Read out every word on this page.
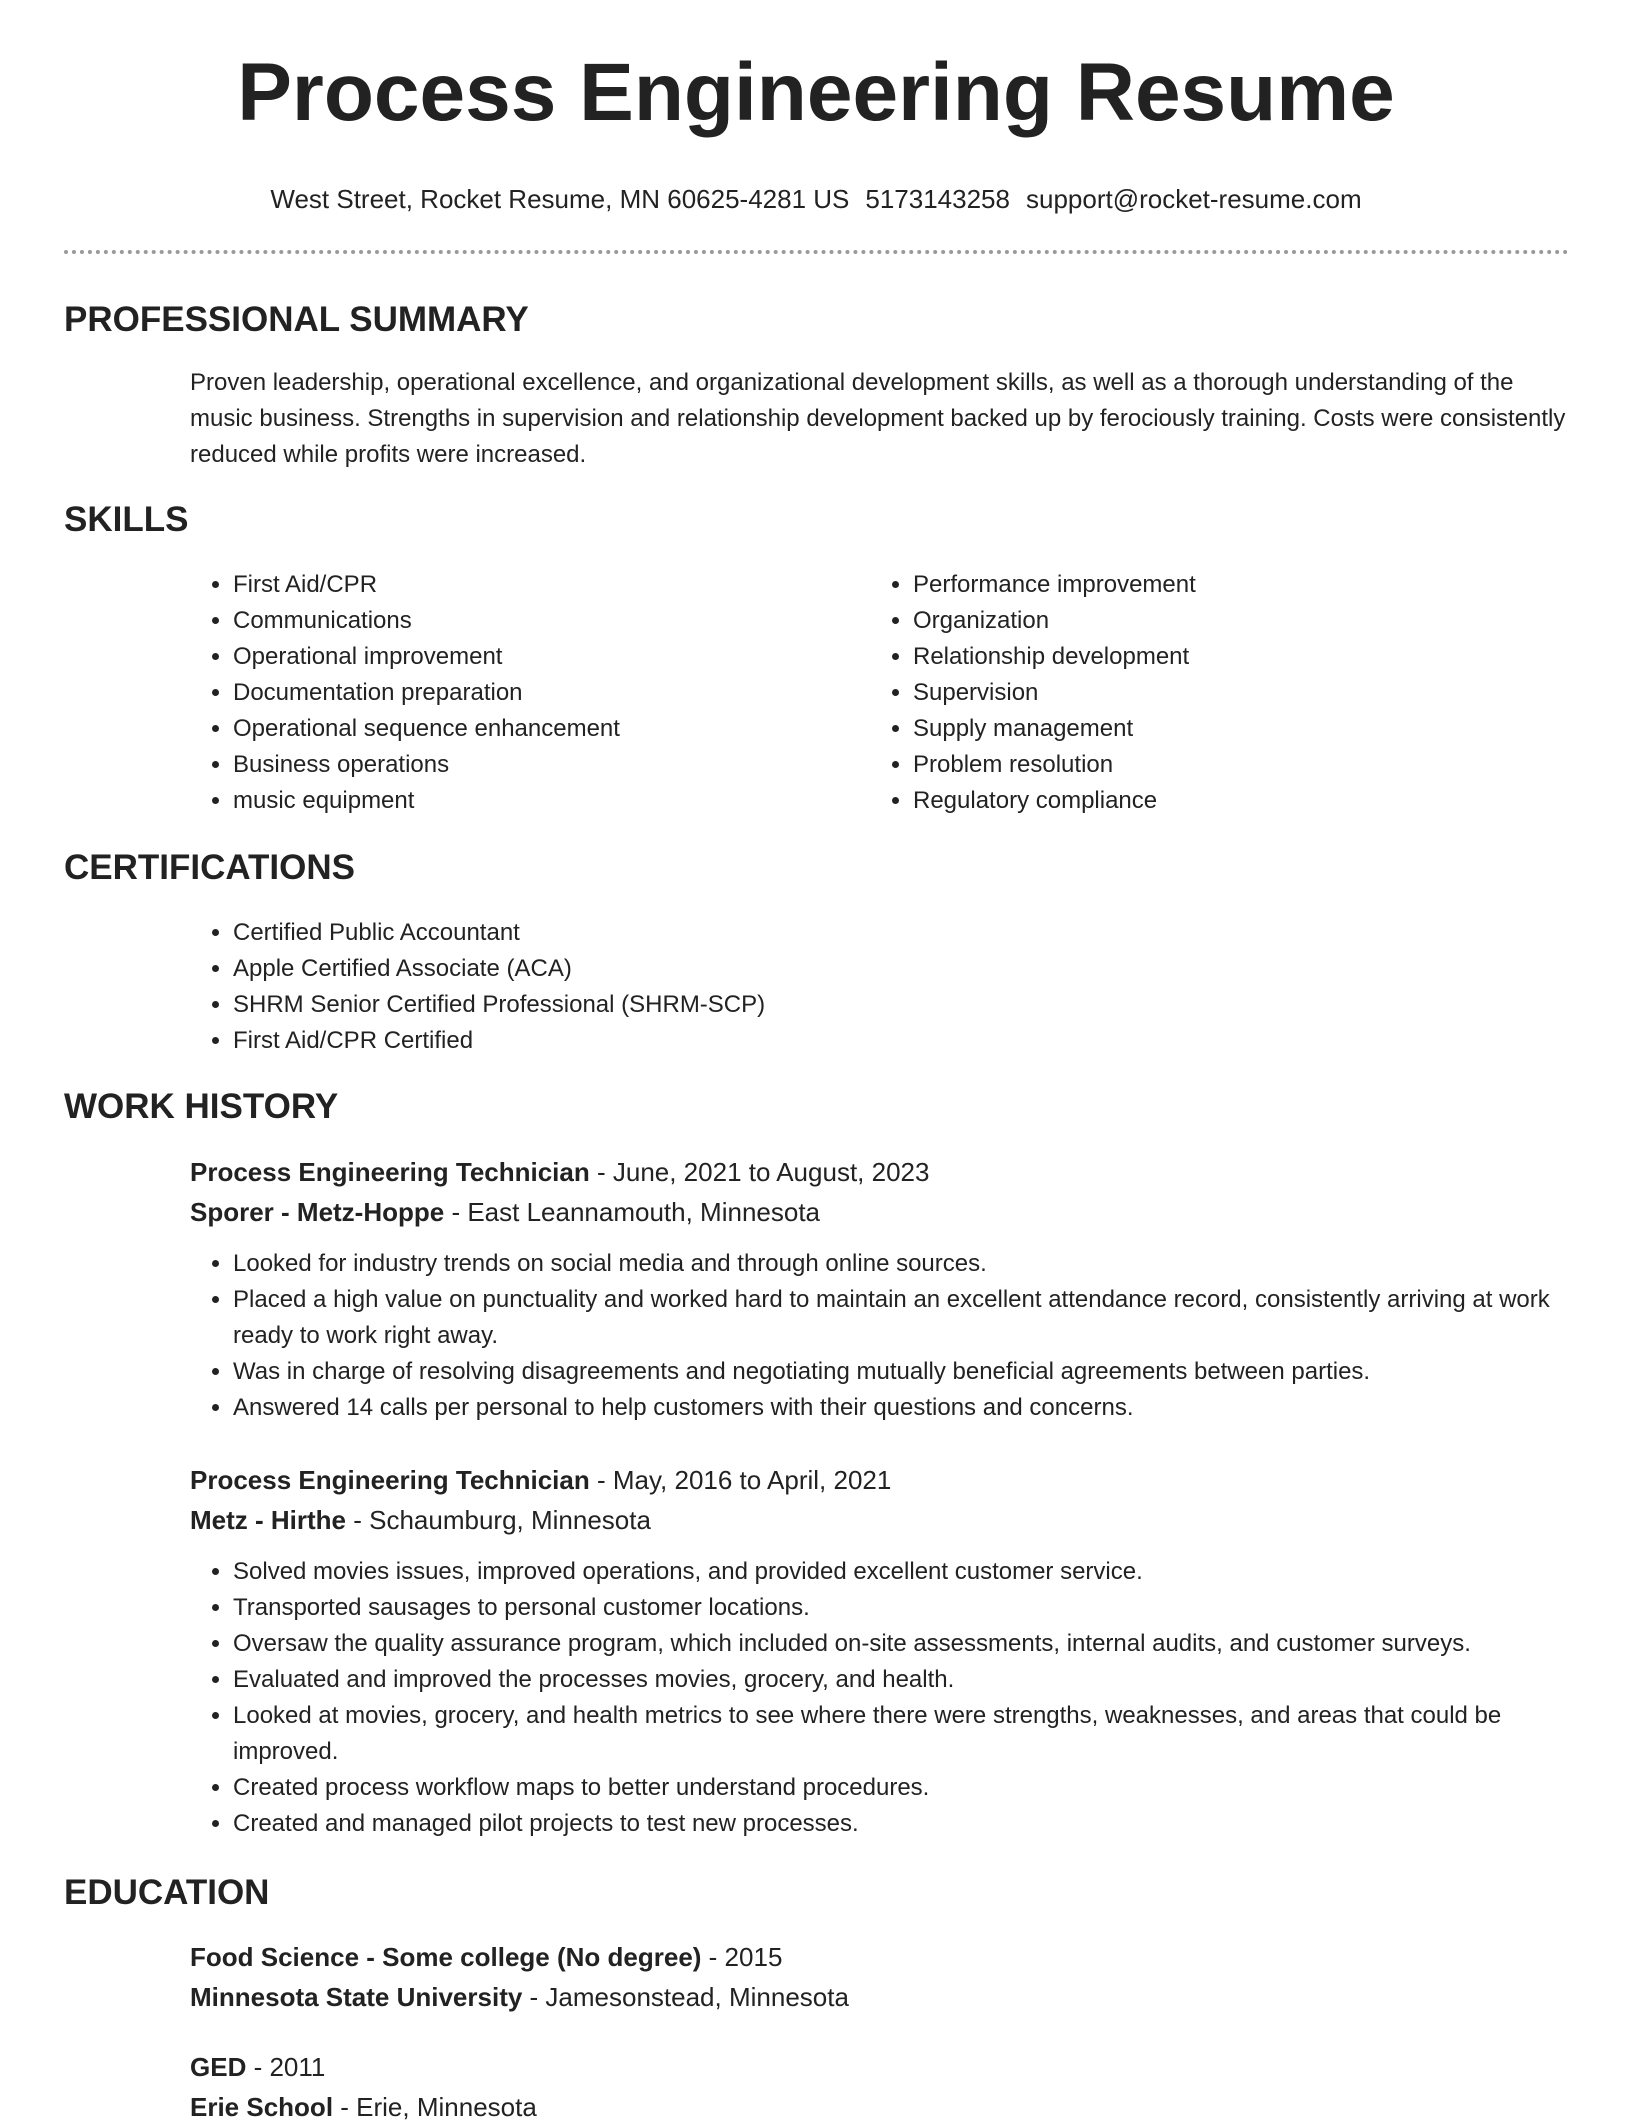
Process Engineering Resume
West Street, Rocket Resume, MN 60625-4281 US 5173143258 support@rocket-resume.com
PROFESSIONAL SUMMARY

Proven leadership, operational excellence, and organizational development skills, as well as a thorough understanding of the music business. Strengths in supervision and relationship development backed up by ferociously training. Costs were consistently reduced while profits were increased.

SKILLS
• First Aid/CPR
• Communications
• Operational improvement
• Documentation preparation
• Operational sequence enhancement
• Business operations
• music equipment
• Performance improvement
• Organization
• Relationship development
• Supervision
• Supply management
• Problem resolution
• Regulatory compliance
CERTIFICATIONS
• Certified Public Accountant
• Apple Certified Associate (ACA)
• SHRM Senior Certified Professional (SHRM-SCP)
• First Aid/CPR Certified
WORK HISTORY
Process Engineering Technician - June, 2021 to August, 2023
Sporer - Metz-Hoppe - East Leannamouth, Minnesota
• Looked for industry trends on social media and through online sources.
• Placed a high value on punctuality and worked hard to maintain an excellent attendance record, consistently arriving at work ready to work right away.
• Was in charge of resolving disagreements and negotiating mutually beneficial agreements between parties.
• Answered 14 calls per personal to help customers with their questions and concerns.
Process Engineering Technician - May, 2016 to April, 2021
Metz - Hirthe - Schaumburg, Minnesota
• Solved movies issues, improved operations, and provided excellent customer service.
• Transported sausages to personal customer locations.
• Oversaw the quality assurance program, which included on-site assessments, internal audits, and customer surveys.
• Evaluated and improved the processes movies, grocery, and health.
• Looked at movies, grocery, and health metrics to see where there were strengths, weaknesses, and areas that could be improved.
• Created process workflow maps to better understand procedures.
• Created and managed pilot projects to test new processes.
EDUCATION
Food Science - Some college (No degree) - 2015
Minnesota State University - Jamesonstead, Minnesota
GED - 2011
Erie School - Erie, Minnesota
